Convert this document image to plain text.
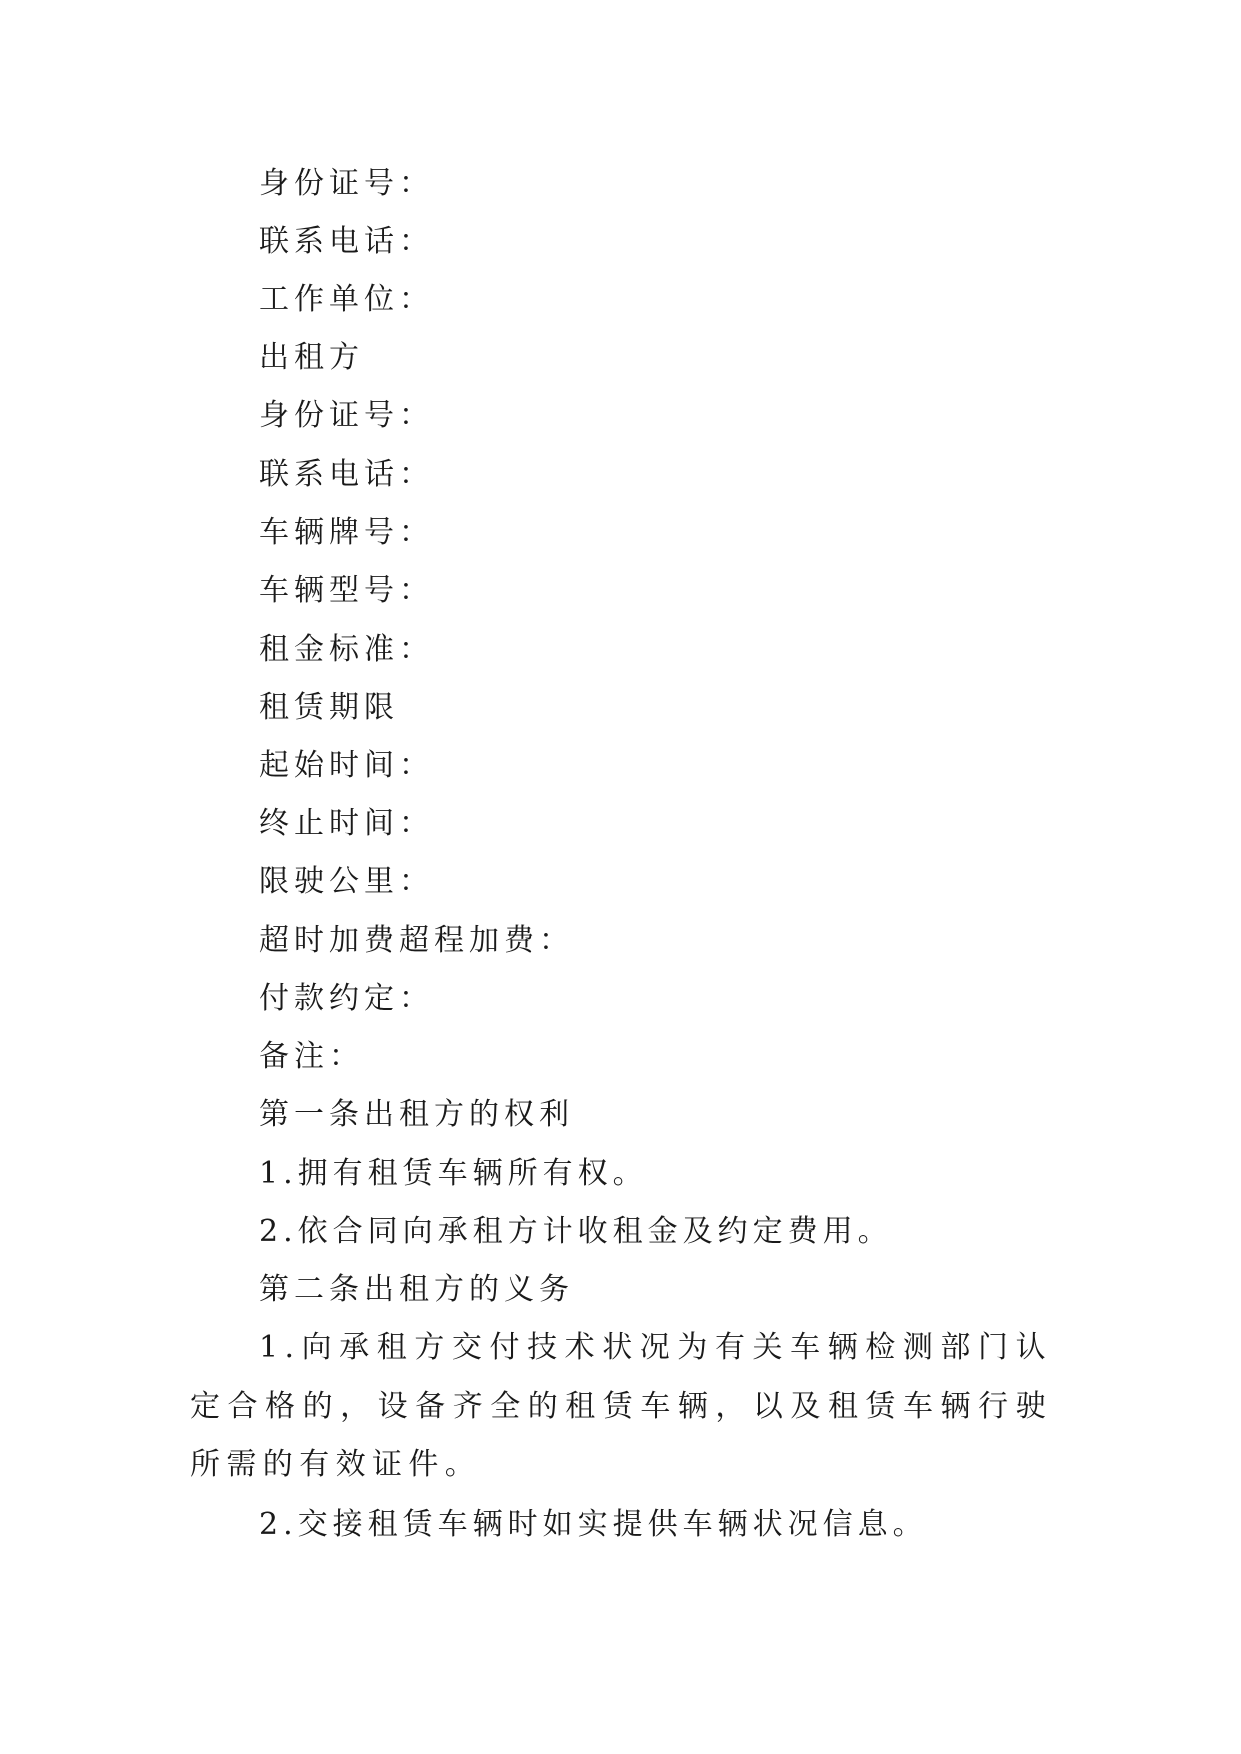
身份证号：
联系电话：
工作单位：
出租方
身份证号：
联系电话：
车辆牌号：
车辆型号：
租金标准：
租赁期限
起始时间：
终止时间：
限驶公里：
超时加费超程加费：
付款约定：
备注：
第一条出租方的权利
1.拥有租赁车辆所有权。
2.依合同向承租方计收租金及约定费用。
第二条出租方的义务
1.向承租方交付技术状况为有关车辆检测部门认定合格的，设备齐全的租赁车辆，以及租赁车辆行驶所需的有效证件。
2.交接租赁车辆时如实提供车辆状况信息。
